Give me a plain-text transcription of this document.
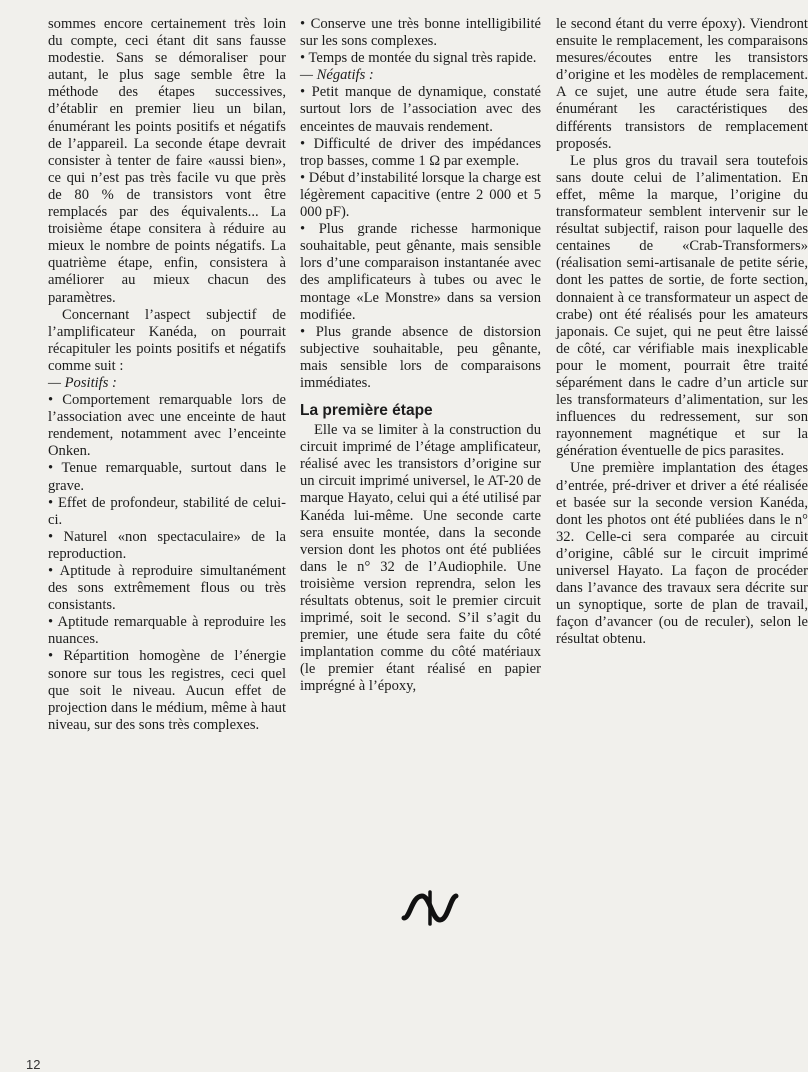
sommes encore certainement très loin du compte, ceci étant dit sans fausse modestie. Sans se démoraliser pour autant, le plus sage semble être la méthode des étapes successives, d’établir en premier lieu un bilan, énumérant les points positifs et négatifs de l’appareil. La seconde étape devrait consister à tenter de faire «aussi bien», ce qui n’est pas très facile vu que près de 80 % de transistors vont être remplacés par des équivalents... La troisième étape consitera à réduire au mieux le nombre de points négatifs. La quatrième étape, enfin, consistera à améliorer au mieux chacun des paramètres.

Concernant l’aspect subjectif de l’amplificateur Kanéda, on pourrait récapituler les points positifs et négatifs comme suit :

— Positifs :

• Comportement remarquable lors de l’association avec une enceinte de haut rendement, notamment avec l’enceinte Onken.

• Tenue remarquable, surtout dans le grave.

• Effet de profondeur, stabilité de celui-ci.

• Naturel «non spectaculaire» de la reproduction.

• Aptitude à reproduire simultanément des sons extrêmement flous ou très consistants.

• Aptitude remarquable à reproduire les nuances.

• Répartition homogène de l’énergie sonore sur tous les registres, ceci quel que soit le niveau. Aucun effet de projection dans le médium, même à haut niveau, sur des sons très complexes.

• Conserve une très bonne intelligibilité sur les sons complexes.

• Temps de montée du signal très rapide.

— Négatifs :

• Petit manque de dynamique, constaté surtout lors de l’association avec des enceintes de mauvais rendement.

• Difficulté de driver des impédances trop basses, comme 1 Ω par exemple.

• Début d’instabilité lorsque la charge est légèrement capacitive (entre 2 000 et 5 000 pF).

• Plus grande richesse harmonique souhaitable, peut gênante, mais sensible lors d’une comparaison instantanée avec des amplificateurs à tubes ou avec le montage «Le Monstre» dans sa version modifiée.

• Plus grande absence de distorsion subjective souhaitable, peu gênante, mais sensible lors de comparaisons immédiates.

La première étape

Elle va se limiter à la construction du circuit imprimé de l’étage amplificateur, réalisé avec les transistors d’origine sur un circuit imprimé universel, le AT-20 de marque Hayato, celui qui a été utilisé par Kanéda lui-même. Une seconde carte sera ensuite montée, dans la seconde version dont les photos ont été publiées dans le n° 32 de l’Audiophile. Une troisième version reprendra, selon les résultats obtenus, soit le premier circuit imprimé, soit le second. S’il s’agit du premier, une étude sera faite du côté implantation comme du côté matériaux (le premier étant réalisé en papier imprégné à l’époxy,

le second étant du verre époxy). Viendront ensuite le remplacement, les comparaisons mesures/écoutes entre les transistors d’origine et les modèles de remplacement. A ce sujet, une autre étude sera faite, énumérant les caractéristiques des différents transistors de remplacement proposés.

Le plus gros du travail sera toutefois sans doute celui de l’alimentation. En effet, même la marque, l’origine du transformateur semblent intervenir sur le résultat subjectif, raison pour laquelle des centaines de «Crab-Transformers» (réalisation semi-artisanale de petite série, dont les pattes de sortie, de forte section, donnaient à ce transformateur un aspect de crabe) ont été réalisés pour les amateurs japonais. Ce sujet, qui ne peut être laissé de côté, car vérifiable mais inexplicable pour le moment, pourrait être traité séparément dans le cadre d’un article sur les transformateurs d’alimentation, sur les influences du redressement, sur son rayonnement magnétique et sur la génération éventuelle de pics parasites.

Une première implantation des étages d’entrée, pré-driver et driver a été réalisée et basée sur la seconde version Kanéda, dont les photos ont été publiées dans le n° 32. Celle-ci sera comparée au circuit d’origine, câblé sur le circuit imprimé universel Hayato. La façon de procéder dans l’avance des travaux sera décrite sur un synoptique, sorte de plan de travail, façon d’avancer (ou de reculer), selon le résultat obtenu.

12
